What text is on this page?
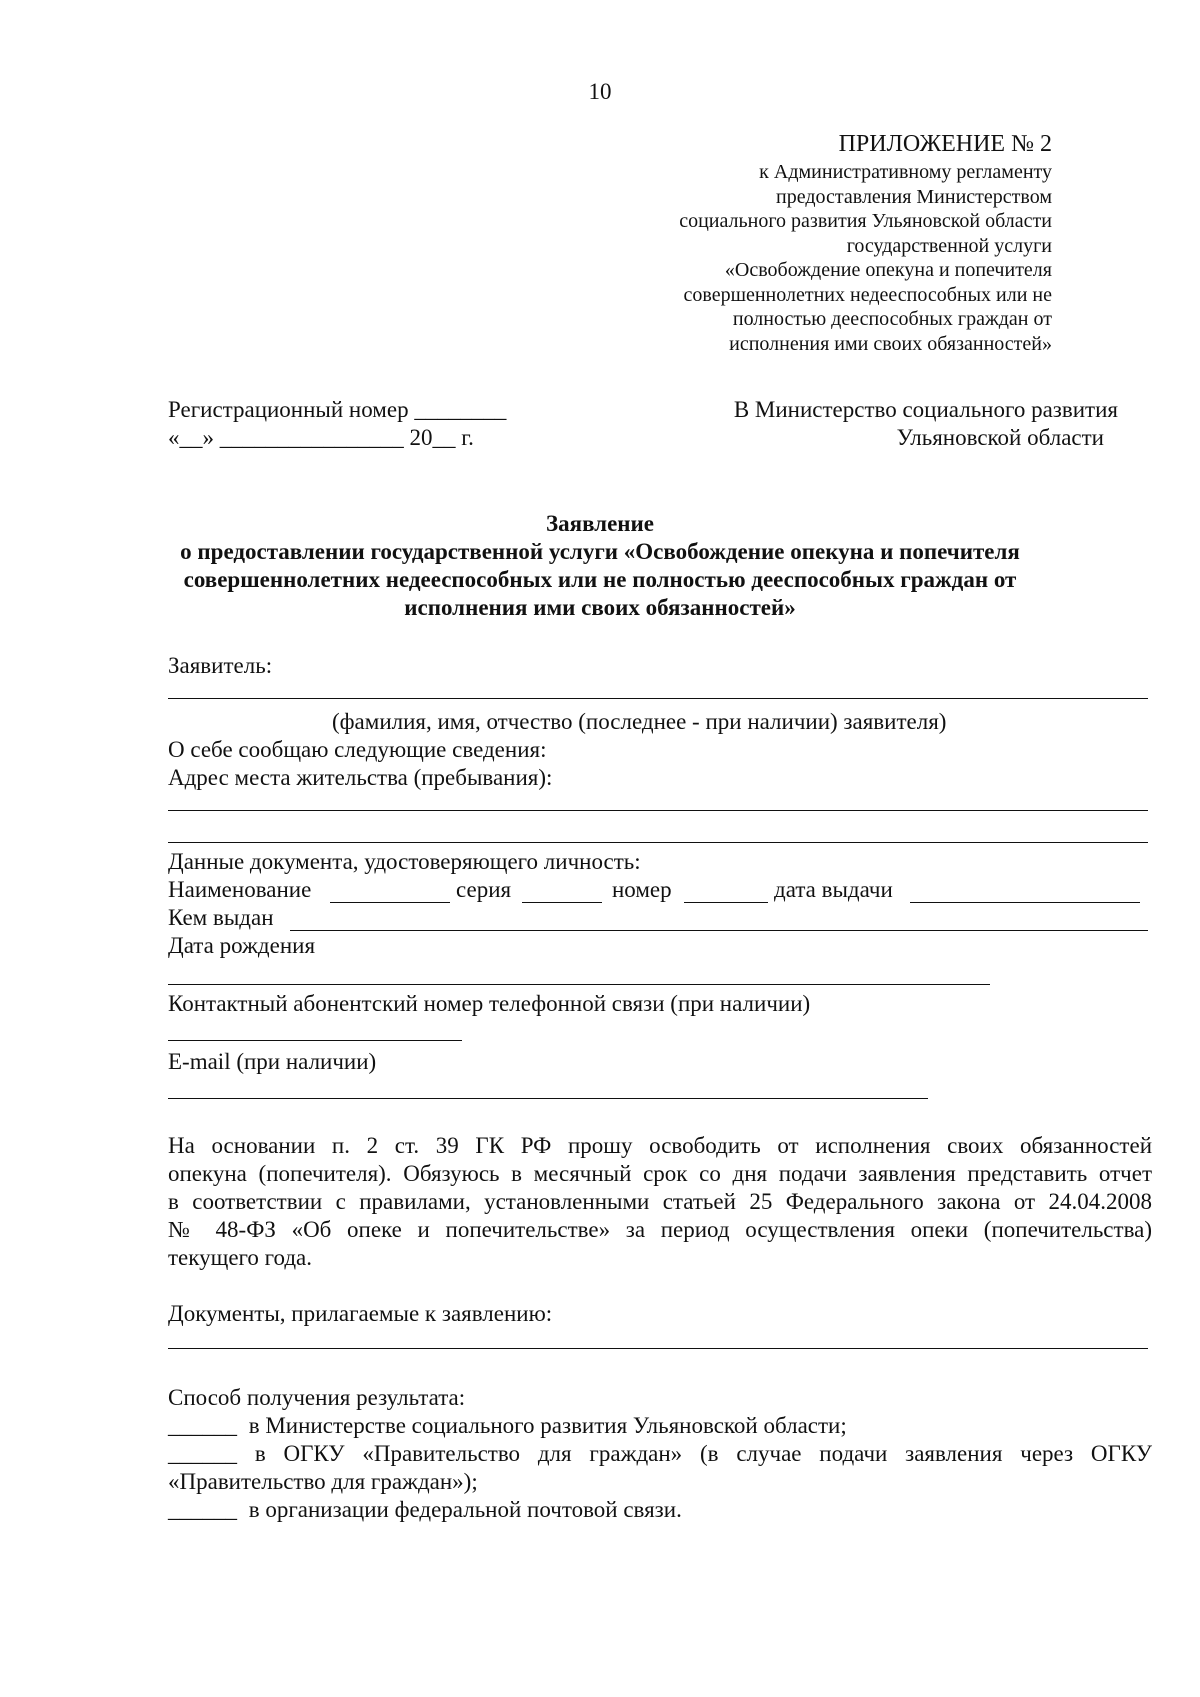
10
ПРИЛОЖЕНИЕ № 2
к Административному регламенту
предоставления Министерством
социального развития Ульяновской области
государственной услуги
«Освобождение опекуна и попечителя
совершеннолетних недееспособных или не
полностью дееспособных граждан от
исполнения ими своих обязанностей»
Регистрационный номер ________
«__» ________________ 20__ г.
В Министерство социального развития
Ульяновской области
Заявление
о предоставлении государственной услуги «Освобождение опекуна и попечителя
совершеннолетних недееспособных или не полностью дееспособных граждан от
исполнения ими своих обязанностей»
Заявитель:
(фамилия, имя, отчество (последнее - при наличии) заявителя)
О себе сообщаю следующие сведения:
Адрес места жительства (пребывания):
Данные документа, удостоверяющего личность:
Наименование	серия	номер	дата выдачи
Кем выдан
Дата рождения
Контактный абонентский номер телефонной связи (при наличии)
E-mail (при наличии)
На основании п. 2 ст. 39 ГК РФ прошу освободить от исполнения своих обязанностей
опекуна (попечителя). Обязуюсь в месячный срок со дня подачи заявления представить отчет
в соответствии с правилами, установленными статьей 25 Федерального закона от 24.04.2008
№ 48-ФЗ «Об опеке и попечительстве» за период осуществления опеки (попечительства)
текущего года.
Документы, прилагаемые к заявлению:
Способ получения результата:
______ в Министерстве социального развития Ульяновской области;
______ в ОГКУ «Правительство для граждан» (в случае подачи заявления через ОГКУ
«Правительство для граждан»);
______ в организации федеральной почтовой связи.
